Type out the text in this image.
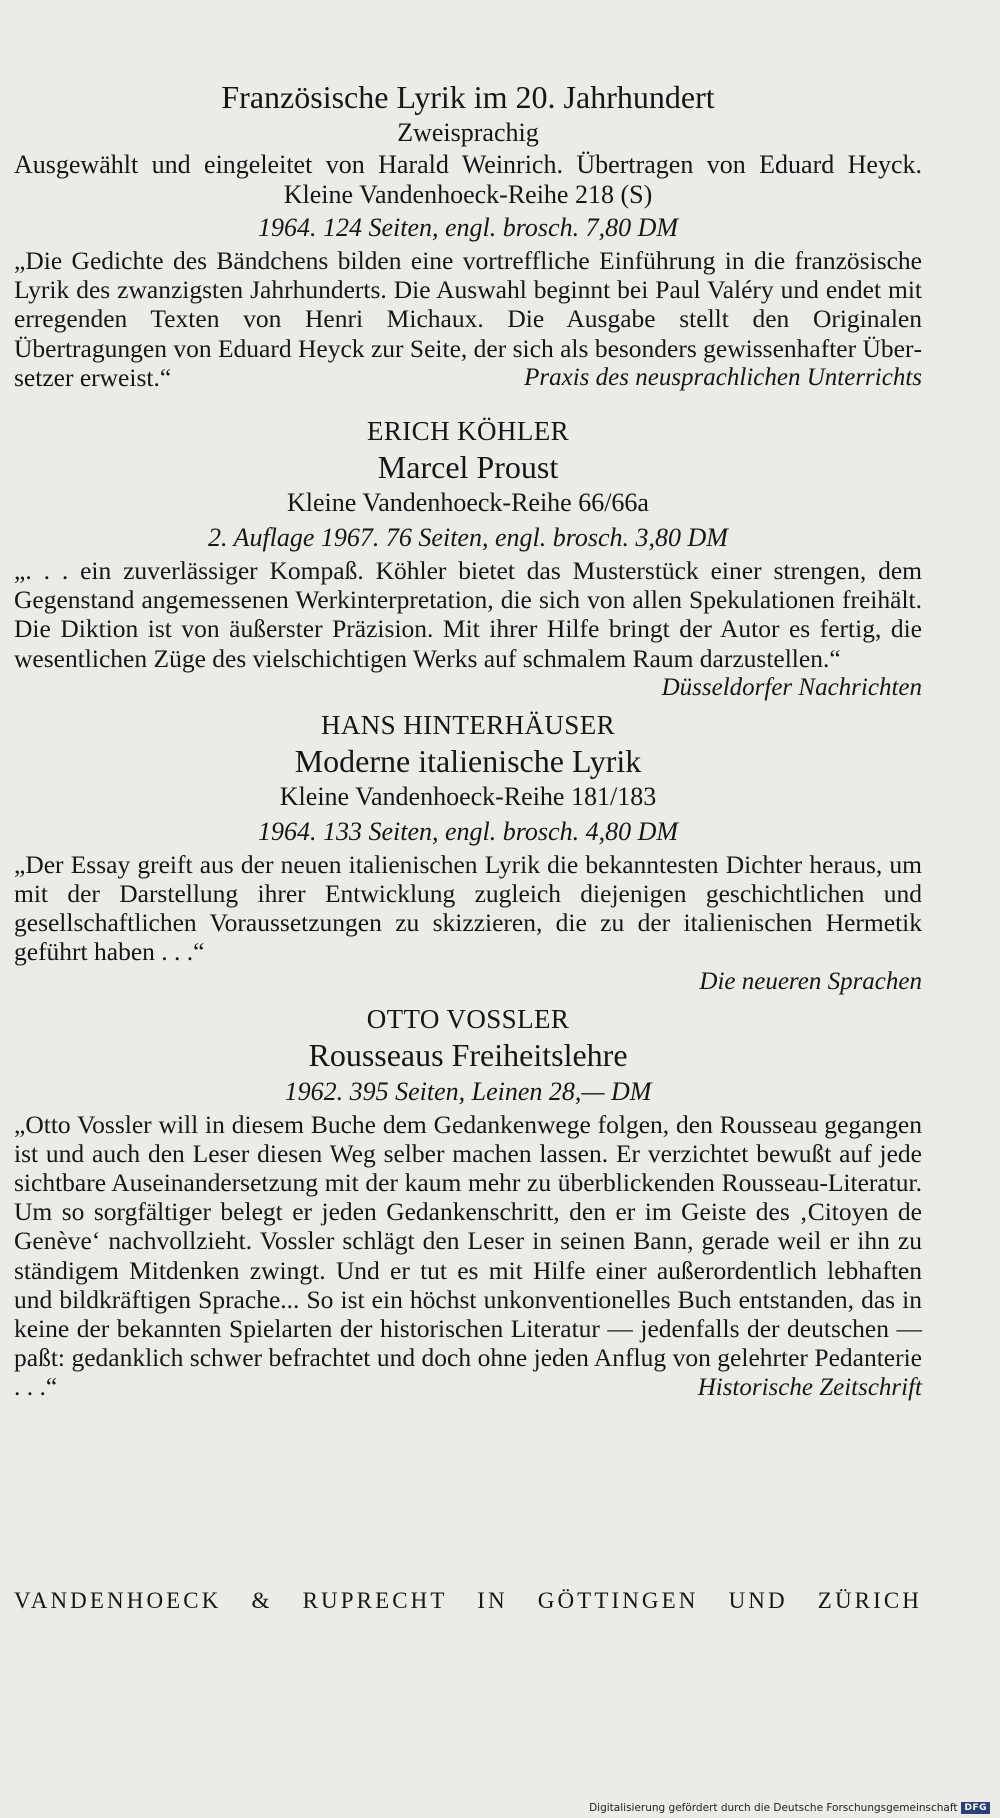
Französische Lyrik im 20. Jahrhundert
Zweisprachig
Ausgewählt und eingeleitet von Harald Weinrich. Übertragen von Eduard Heyck. Kleine Vandenhoeck-Reihe 218 (S)
1964. 124 Seiten, engl. brosch. 7,80 DM
„Die Gedichte des Bändchens bilden eine vortreffliche Einführung in die französische Lyrik des zwanzigsten Jahrhunderts. Die Auswahl beginnt bei Paul Valéry und endet mit erregenden Texten von Henri Michaux. Die Ausgabe stellt den Originalen Übertragungen von Eduard Heyck zur Seite, der sich als besonders gewissenhafter Übersetzer erweist.“	Praxis des neusprachlichen Unterrichts
ERICH KÖHLER
Marcel Proust
Kleine Vandenhoeck-Reihe 66/66a
2. Auflage 1967. 76 Seiten, engl. brosch. 3,80 DM
„. . . ein zuverlässiger Kompaß. Köhler bietet das Musterstück einer strengen, dem Gegenstand angemessenen Werkinterpretation, die sich von allen Spekulationen freihält. Die Diktion ist von äußerster Präzision. Mit ihrer Hilfe bringt der Autor es fertig, die wesentlichen Züge des vielschichtigen Werks auf schmalem Raum darzustellen.“
Düsseldorfer Nachrichten
HANS HINTERHÄUSER
Moderne italienische Lyrik
Kleine Vandenhoeck-Reihe 181/183
1964. 133 Seiten, engl. brosch. 4,80 DM
„Der Essay greift aus der neuen italienischen Lyrik die bekanntesten Dichter heraus, um mit der Darstellung ihrer Entwicklung zugleich diejenigen geschichtlichen und gesellschaftlichen Voraussetzungen zu skizzieren, die zu der italienischen Hermetik geführt haben . . .“
Die neueren Sprachen
OTTO VOSSLER
Rousseaus Freiheitslehre
1962. 395 Seiten, Leinen 28,— DM
„Otto Vossler will in diesem Buche dem Gedankenwege folgen, den Rousseau gegangen ist und auch den Leser diesen Weg selber machen lassen. Er verzichtet bewußt auf jede sichtbare Auseinandersetzung mit der kaum mehr zu überblickenden Rousseau-Literatur. Um so sorgfältiger belegt er jeden Gedankenschritt, den er im Geiste des ‚Citoyen de Genève‘ nachvollzieht. Vossler schlägt den Leser in seinen Bann, gerade weil er ihn zu ständigem Mitdenken zwingt. Und er tut es mit Hilfe einer außerordentlich lebhaften und bildkräftigen Sprache... So ist ein höchst unkonventionelles Buch entstanden, das in keine der bekannten Spielarten der historischen Literatur — jedenfalls der deutschen — paßt: gedanklich schwer befrachtet und doch ohne jeden Anflug von gelehrter Pedanterie . . .“	Historische Zeitschrift
VANDENHOECK & RUPRECHT IN GÖTTINGEN UND ZÜRICH
Digitalisierung gefördert durch die Deutsche Forschungsgemeinschaft DFG
